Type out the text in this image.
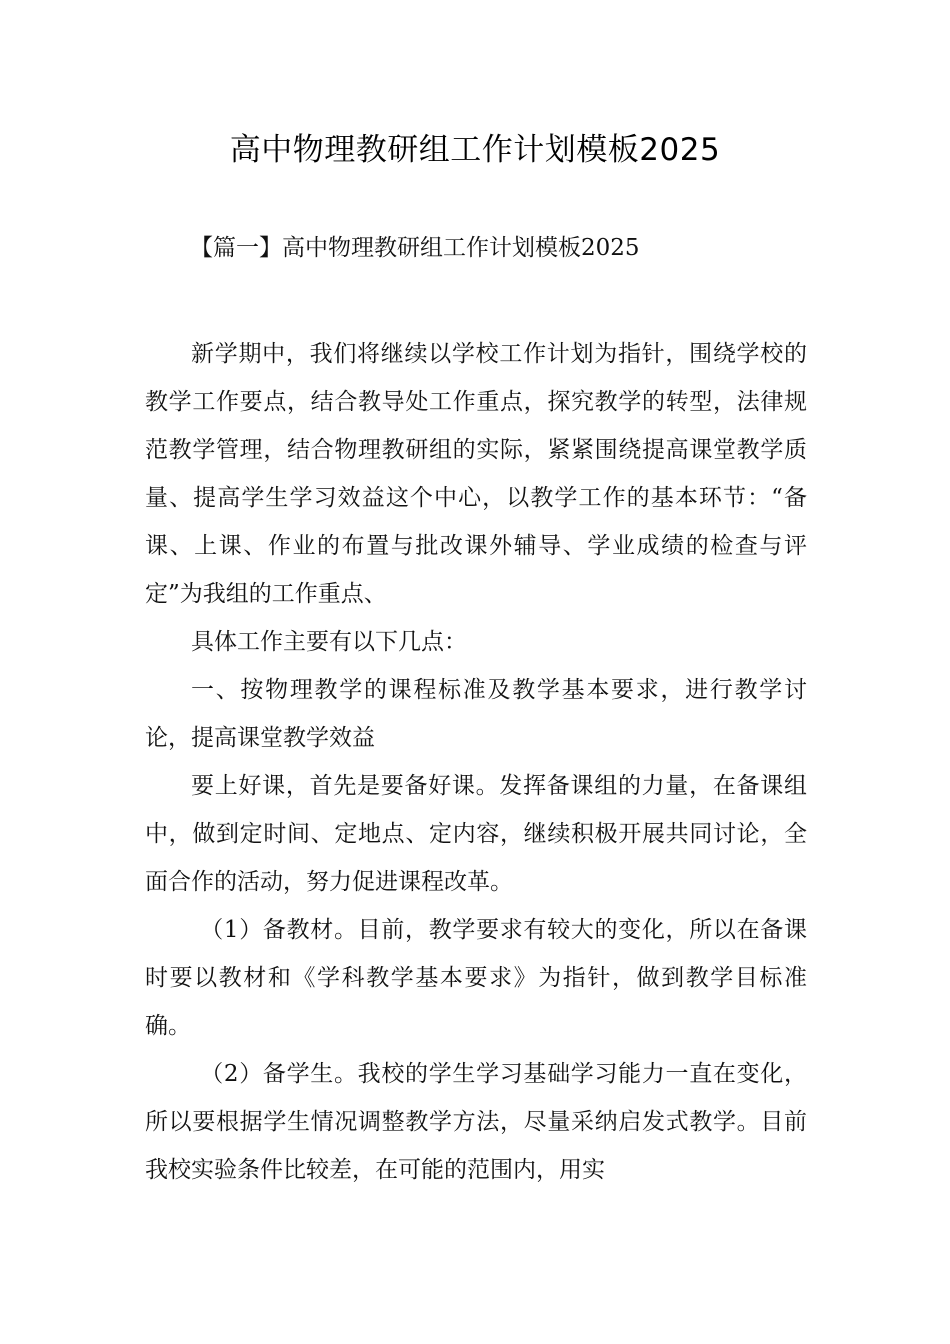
高中物理教研组工作计划模板2025
【篇一】高中物理教研组工作计划模板2025

新学期中，我们将继续以学校工作计划为指针，围绕学校的教学工作要点，结合教导处工作重点，探究教学的转型，法律规范教学管理，结合物理教研组的实际，紧紧围绕提高课堂教学质量、提高学生学习效益这个中心，以教学工作的基本环节：“备课、上课、作业的布置与批改课外辅导、学业成绩的检查与评定”为我组的工作重点、

具体工作主要有以下几点：

一、按物理教学的课程标准及教学基本要求，进行教学讨论，提高课堂教学效益

要上好课，首先是要备好课。发挥备课组的力量，在备课组中，做到定时间、定地点、定内容，继续积极开展共同讨论，全面合作的活动，努力促进课程改革。

（1）备教材。目前，教学要求有较大的变化，所以在备课时要以教材和《学科教学基本要求》为指针，做到教学目标准确。

（2）备学生。我校的学生学习基础学习能力一直在变化，所以要根据学生情况调整教学方法，尽量采纳启发式教学。目前我校实验条件比较差，在可能的范围内，用实
